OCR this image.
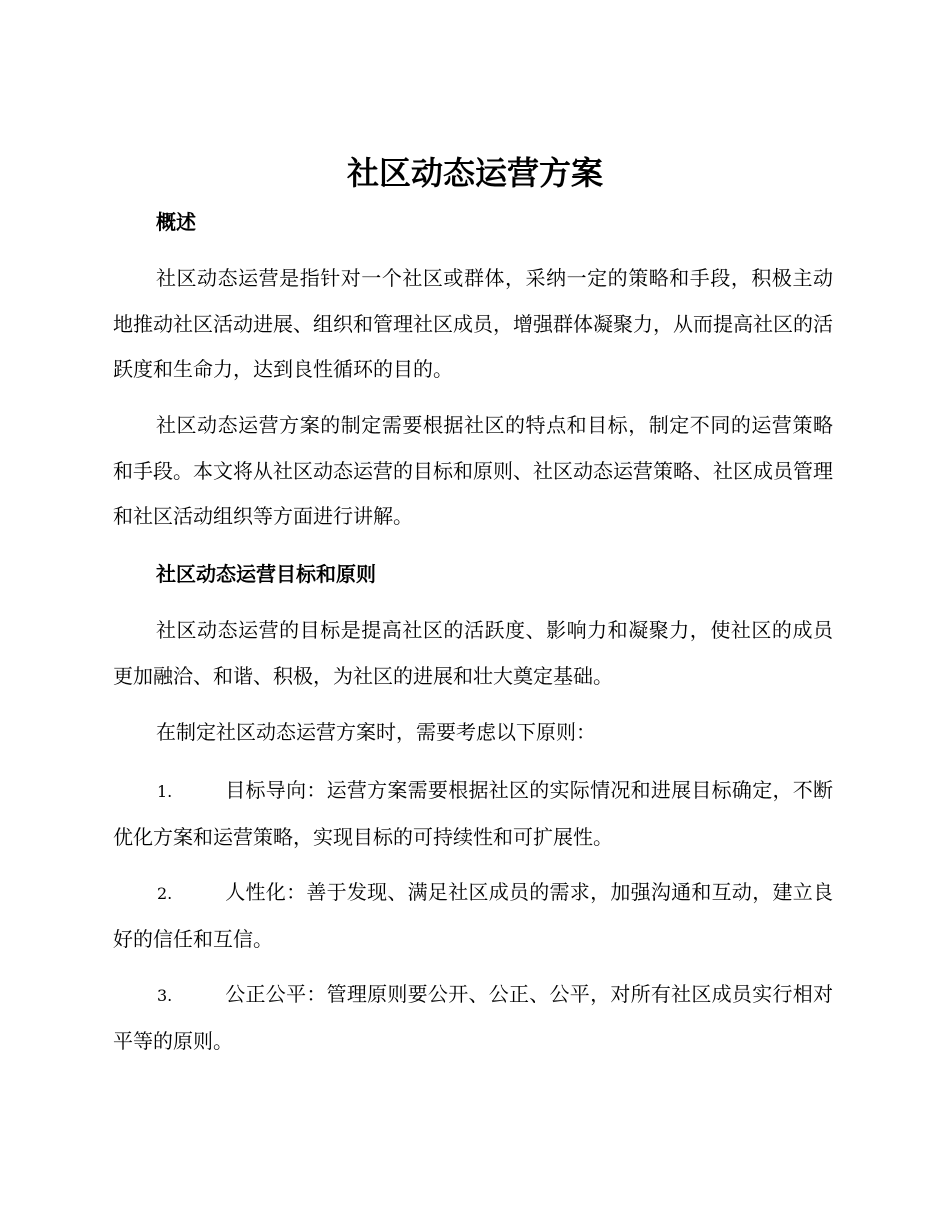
社区动态运营方案
概述

社区动态运营是指针对一个社区或群体，采纳一定的策略和手段，积极主动地推动社区活动进展、组织和管理社区成员，增强群体凝聚力，从而提高社区的活跃度和生命力，达到良性循环的目的。

社区动态运营方案的制定需要根据社区的特点和目标，制定不同的运营策略和手段。本文将从社区动态运营的目标和原则、社区动态运营策略、社区成员管理和社区活动组织等方面进行讲解。

社区动态运营目标和原则

社区动态运营的目标是提高社区的活跃度、影响力和凝聚力，使社区的成员更加融洽、和谐、积极，为社区的进展和壮大奠定基础。

在制定社区动态运营方案时，需要考虑以下原则：

1.	目标导向：运营方案需要根据社区的实际情况和进展目标确定，不断优化方案和运营策略，实现目标的可持续性和可扩展性。

2.	人性化：善于发现、满足社区成员的需求，加强沟通和互动，建立良好的信任和互信。

3.	公正公平：管理原则要公开、公正、公平，对所有社区成员实行相对平等的原则。
